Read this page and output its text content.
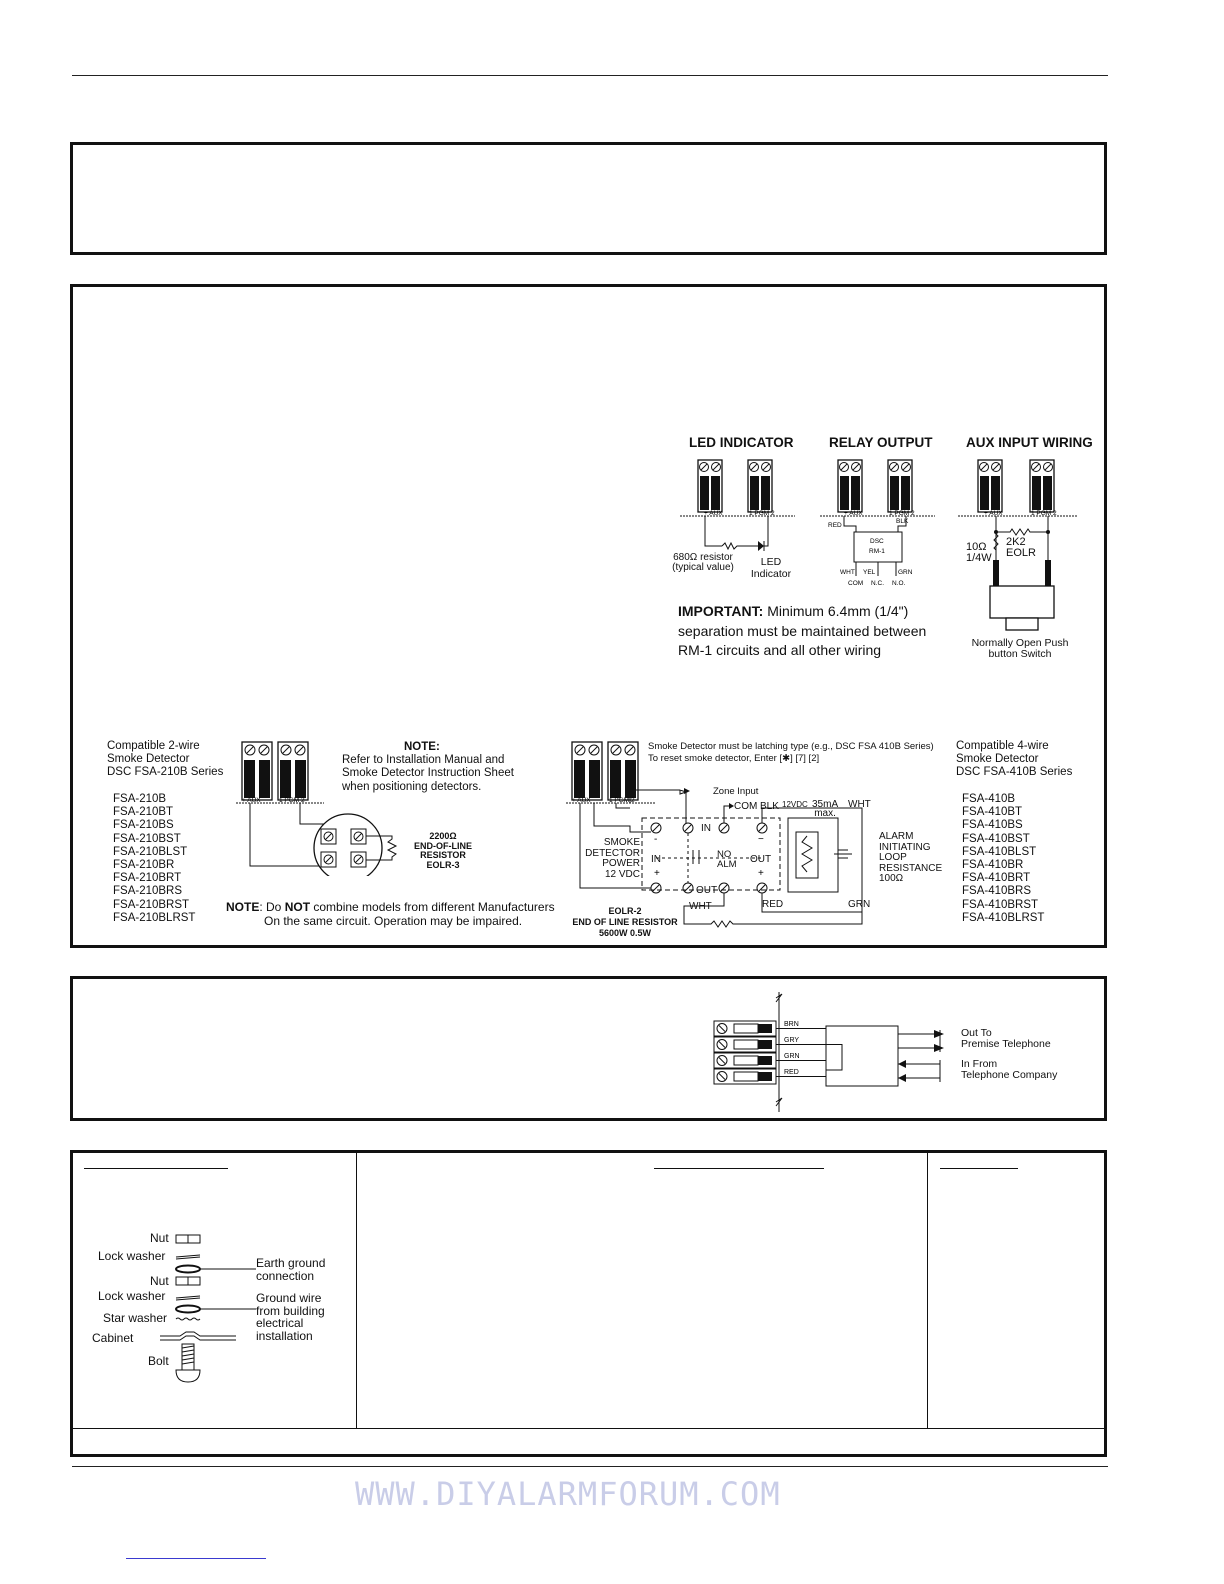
+ AUX	1 PGM 2	+ AUX	1 PGM 2
RED
BLK
DSC
RM-1
WHT YEL	GRN
COM N.C. N.O.
+ AUX	1 PGM 2
LED INDICATOR	RELAY OUTPUT AUX INPUT WIRING
680Ω resistor (typical value)	LED Indicator
10Ω 1/4W
2K2 EOLR
Normally Open Push button Switch
IMPORTANT: Minimum 6.4mm (1/4")
separation must be maintained between
RM-1 circuits and all other wiring
Compatible 2-wire
Smoke Detector
DSC FSA-210B Series
FSA-210B
FSA-210BT
FSA-210BS
FSA-210BST
FSA-210BLST
FSA-210BR
FSA-210BRT
FSA-210BRS
FSA-210BRST
FSA-210BLRST
+ AUX	1 PGM 2
NOTE:
Refer to Installation Manual and
Smoke Detector Instruction Sheet
when positioning detectors.
2200Ω
END-OF-LINE
RESISTOR
EOLR-3
NOTE: Do NOT combine models from different Manufacturers
On the same circuit. Operation may be impaired.
Smoke Detector must be latching type (e.g., DSC FSA 410B Series)
To reset smoke detector, Enter [✱] [7] [2]
+ AUX	1 PGM 2
+
-	−
+
Zone Input
COM BLK 12VDC 35mA
max.
WHT
IN
IN	NO
ALM OUT
OUT
SMOKE
DETECTOR
POWER
12 VDC
ALARM
INITIATING
LOOP
RESISTANCE
100Ω
WHT	RED	GRN
EOLR-2
END OF LINE RESISTOR
5600W 0.5W
Compatible 4-wire
Smoke Detector
DSC FSA-410B Series
FSA-410B
FSA-410BT
FSA-410BS
FSA-410BST
FSA-410BLST
FSA-410BR
FSA-410BRT
FSA-410BRS
FSA-410BRST
FSA-410BLRST
BRN
GRY
GRN
RED
Out To
Premise Telephone
In From
Telephone Company
Nut
Lock washer
Nut
Lock washer
Star washer
Cabinet
Bolt
Earth ground
connection
Ground wire
from building
electrical
installation
WWW.DIYALARMFORUM.COM
